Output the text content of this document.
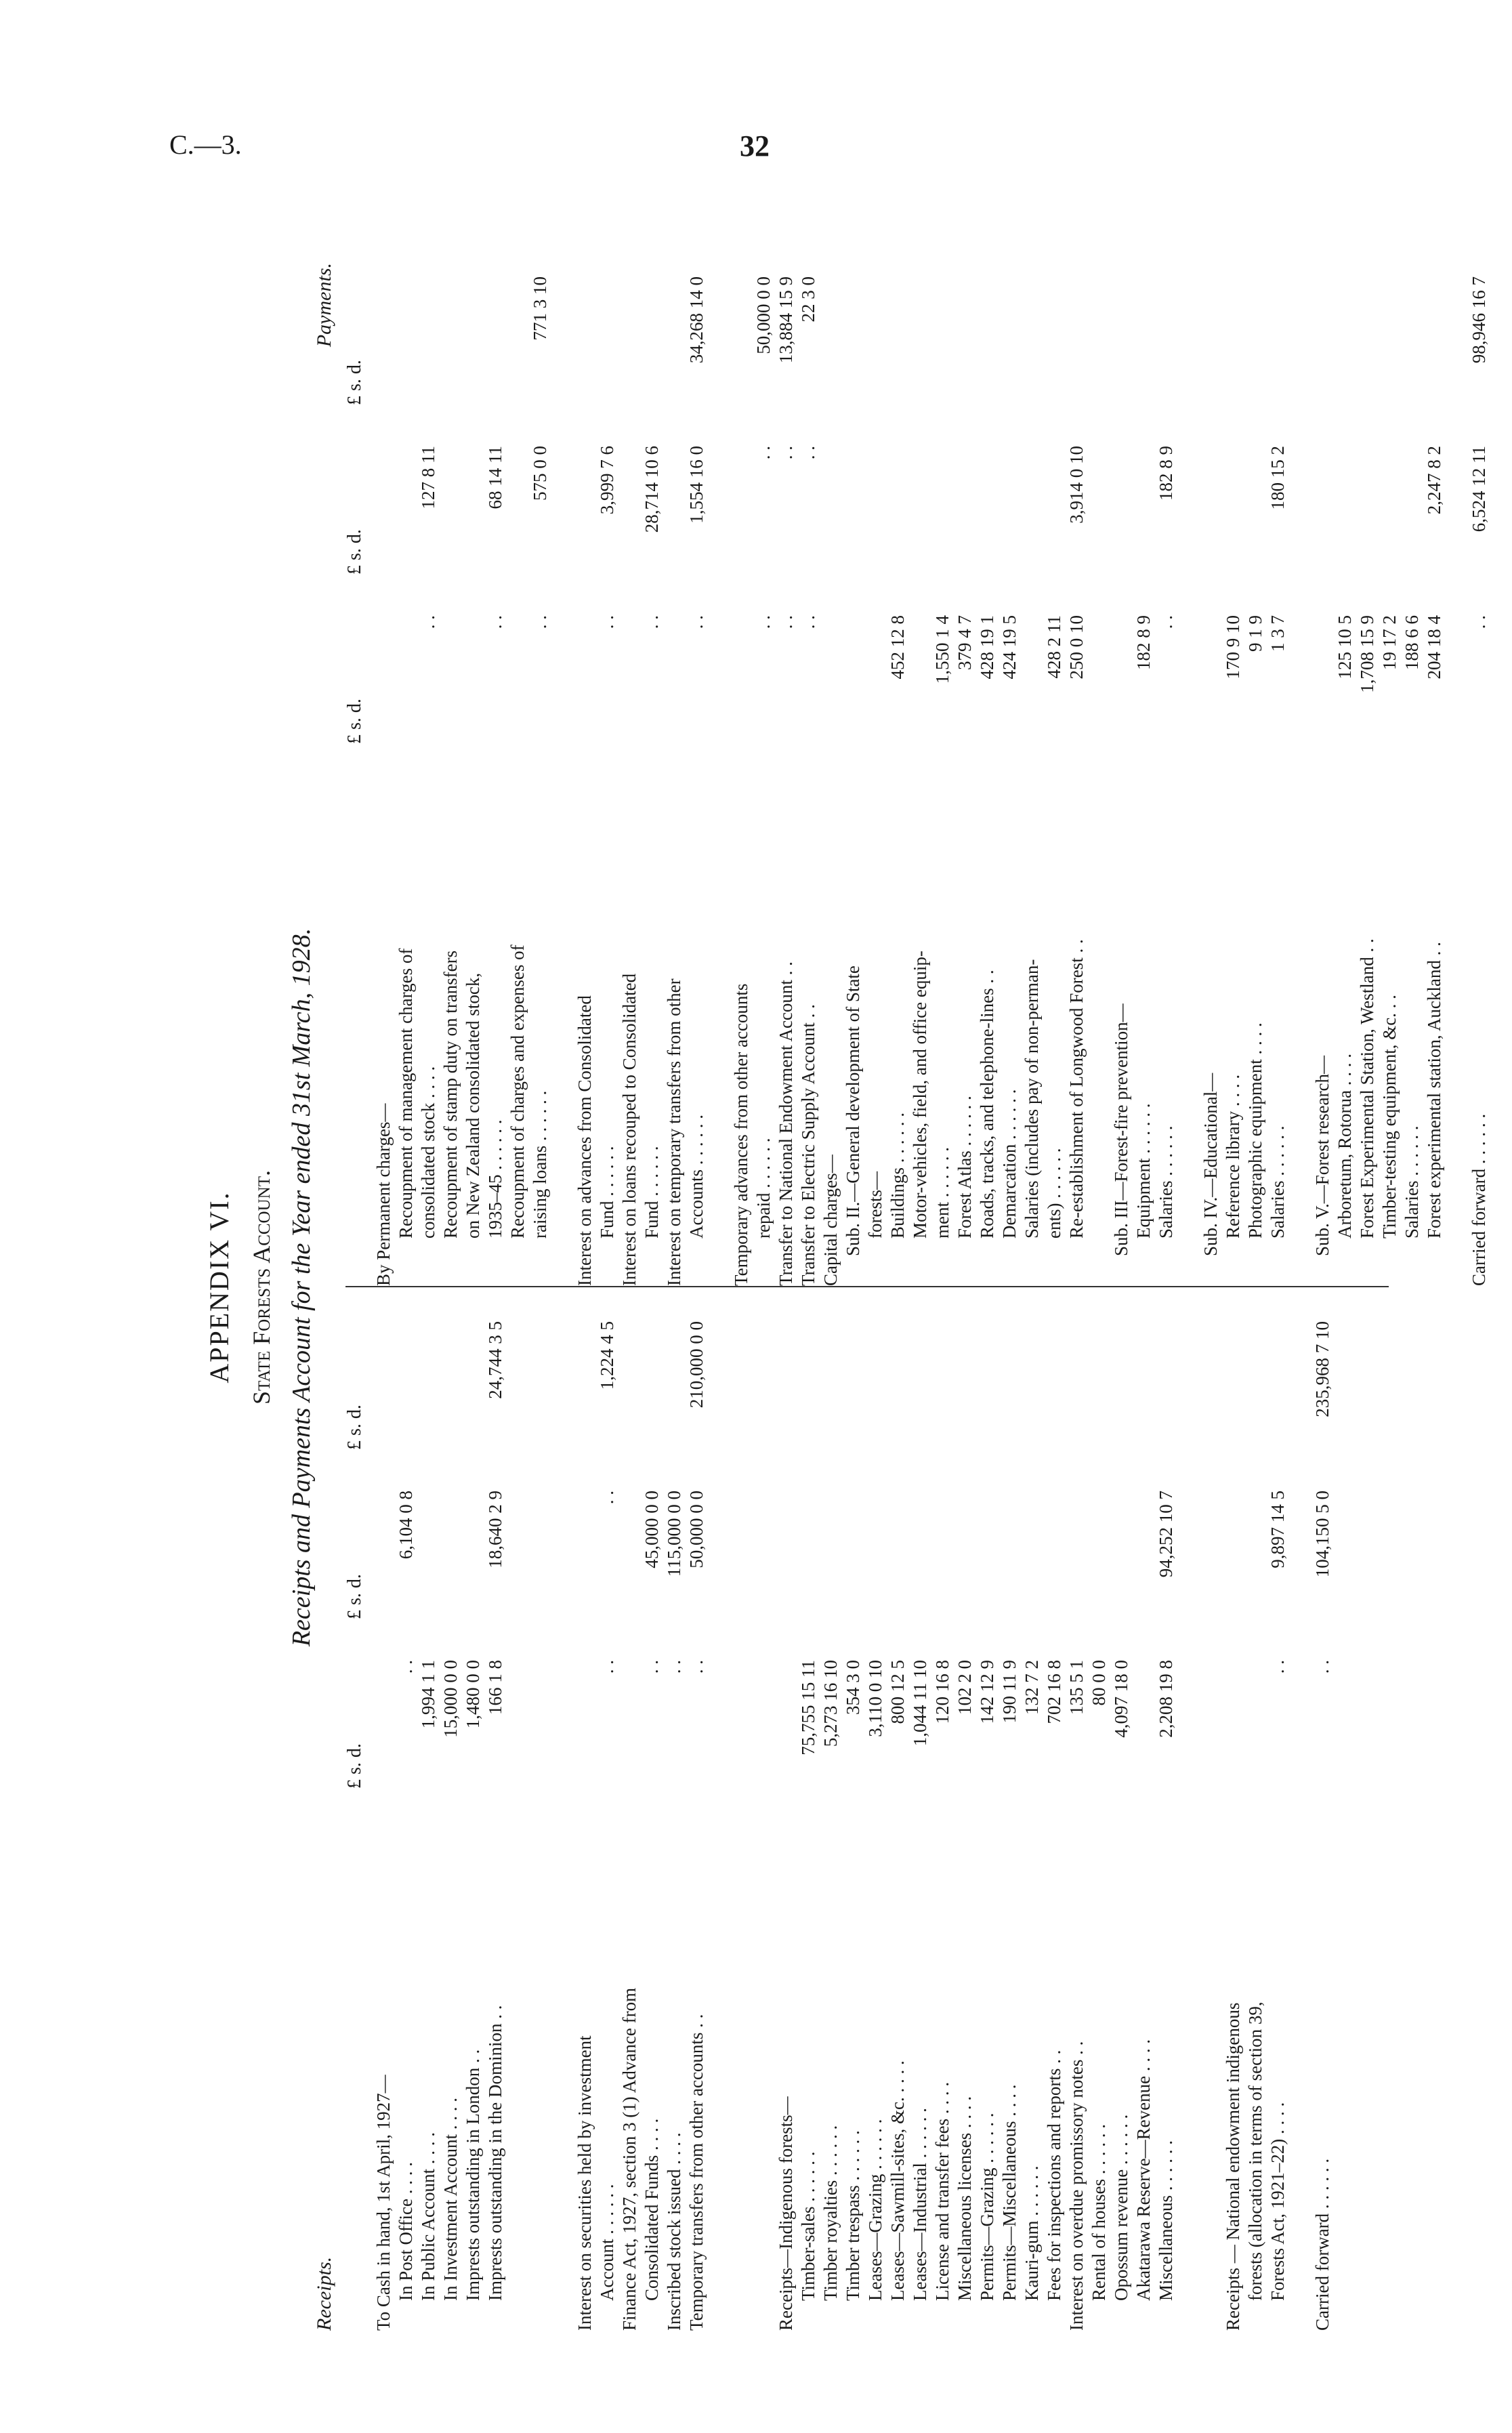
C.—3.	32
APPENDIX VI. State Forests Account. Receipts and Payments Account for the Year ended 31st March, 1928.
Receipts.
£ s. d.
£ s. d.
£ s. d.
To Cash in hand, 1st April, 1927— In Post Office . . . .
. .
6,104 0 8
In Public Account . . . .
1,994 1 1
In Investment Account . . . .
15,000 0 0
Imprests outstanding in London . .
1,480 0 0
Imprests outstanding in the Dominion . .
166 1 8
18,640 2 9
24,744 3 5
Interest on securities held by investment Account . . . . . .
. .
. .
1,224 4 5
Finance Act, 1927, section 3 (1) Advance from Consolidated Funds . . . .
. .
45,000 0 0
Inscribed stock issued . . . .
. .
115,000 0 0
Temporary transfers from other accounts . .
. .
50,000 0 0
210,000 0 0
Receipts—Indigenous forests— Timber-sales . . . . . .
75,755 15 11
Timber royalties . . . . . .
5,273 16 10
Timber trespass . . . . . .
354 3 0
Leases—Grazing . . . . . .
3,110 0 10
Leases—Sawmill-sites, &c. . . . .
800 12 5
Leases—Industrial . . . . . .
1,044 11 10
License and transfer fees . . . .
120 16 8
Miscellaneous licenses . . . .
102 2 0
Permits—Grazing . . . . . .
142 12 9
Permits—Miscellaneous . . . .
190 11 9
Kauri-gum . . . . . .
132 7 2
Fees for inspections and reports . .
702 16 8
Interest on overdue promissory notes . .
135 5 1
Rental of houses . . . . . .
80 0 0
Opossum revenue . . . . . .
4,097 18 0
Akatarawa Reserve—Revenue . . . . Miscellaneous . . . . . .
2,208 19 8
94,252 10 7
Receipts — National endowment indigenous forests (allocation in terms of section 39, Forests Act, 1921–22) . . . .
. .
9,897 14 5
Carried forward . . . . . .
. .
104,150 5 0
235,968 7 10
Payments.
£ s. d.
£ s. d.
£ s. d.
By Permanent charges— Recoupment of management charges of consolidated stock . . . .
. .
127 8 11
Recoupment of stamp duty on transfers on New Zealand consolidated stock, 1935–45 . . . . . .
. .
68 14 11
Recoupment of charges and expenses of raising loans . . . . . .
. .
575 0 0
771 3 10
Interest on advances from Consolidated Fund . . . . . .
. .
3,999 7 6
Interest on loans recouped to Consolidated Fund . . . . . .
. .
28,714 10 6
Interest on temporary transfers from other Accounts . . . . . .
. .
1,554 16 0
34,268 14 0
Temporary advances from other accounts repaid . . . . . .
. .
. .
50,000 0 0
Transfer to National Endowment Account . .
. .
. .
13,884 15 9
Transfer to Electric Supply Account . .
. .
. .
22 3 0
Capital charges— Sub. II.—General development of State forests— Buildings . . . . . .
452 12 8
Motor-vehicles, field, and office equip- ment . . . . . .
1,550 1 4
Forest Atlas . . . . . .
379 4 7
Roads, tracks, and telephone-lines . .
428 19 1
Demarcation . . . . . .
424 19 5
Salaries (includes pay of non-perman- ents) . . . . . .
428 2 11
Re-establishment of Longwood Forest . .
250 0 10
3,914 0 10
Sub. III—Forest-fire prevention— Equipment . . . . . .
182 8 9
Salaries . . . . . .
. .
182 8 9
Sub. IV.—Educational— Reference library . . . .
170 9 10
Photographic equipment . . . .
9 1 9
Salaries . . . . . .
1 3 7
180 15 2
Sub. V.—Forest research— Arboretum, Rotorua . . . .
125 10 5
Forest Experimental Station, Westland . .
1,708 15 9
Timber-testing equipment, &c. . .
19 17 2
Salaries . . . . . .
188 6 6
Forest experimental station, Auckland . .
204 18 4
2,247 8 2
Carried forward . . . . . .
. .
6,524 12 11
98,946 16 7
